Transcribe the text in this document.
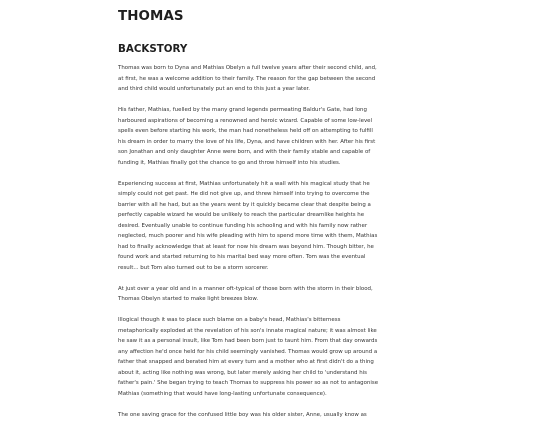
THOMAS
BACKSTORY

Thomas was born to Dyna and Mathias Obelyn a full twelve years after their second child, and,
at first, he was a welcome addition to their family. The reason for the gap between the second
and third child would unfortunately put an end to this just a year later.

His father, Mathias, fuelled by the many grand legends permeating Baldur's Gate, had long
harboured aspirations of becoming a renowned and heroic wizard. Capable of some low-level
spells even before starting his work, the man had nonetheless held off on attempting to fulfill
his dream in order to marry the love of his life, Dyna, and have children with her. After his first
son Jonathan and only daughter Anne were born, and with their family stable and capable of
funding it, Mathias finally got the chance to go and throw himself into his studies.

Experiencing success at first, Mathias unfortunately hit a wall with his magical study that he
simply could not get past. He did not give up, and threw himself into trying to overcome the
barrier with all he had, but as the years went by it quickly became clear that despite being a
perfectly capable wizard he would be unlikely to reach the particular dreamlike heights he
desired. Eventually unable to continue funding his schooling and with his family now rather
neglected, much poorer and his wife pleading with him to spend more time with them, Mathias
had to finally acknowledge that at least for now his dream was beyond him. Though bitter, he
found work and started returning to his marital bed way more often. Tom was the eventual
result... but Tom also turned out to be a storm sorcerer.

At just over a year old and in a manner oft-typical of those born with the storm in their blood,
Thomas Obelyn started to make light breezes blow.

Illogical though it was to place such blame on a baby's head, Mathias's bitterness
metaphorically exploded at the revelation of his son's innate magical nature; it was almost like
he saw it as a personal insult, like Tom had been born just to taunt him. From that day onwards
any affection he'd once held for his child seemingly vanished. Thomas would grow up around a
father that snapped and berated him at every turn and a mother who at first didn't do a thing
about it, acting like nothing was wrong, but later merely asking her child to 'understand his
father's pain.' She began trying to teach Thomas to suppress his power so as not to antagonise
Mathias (something that would have long-lasting unfortunate consequence).

The one saving grace for the confused little boy was his older sister, Anne, usually know as
